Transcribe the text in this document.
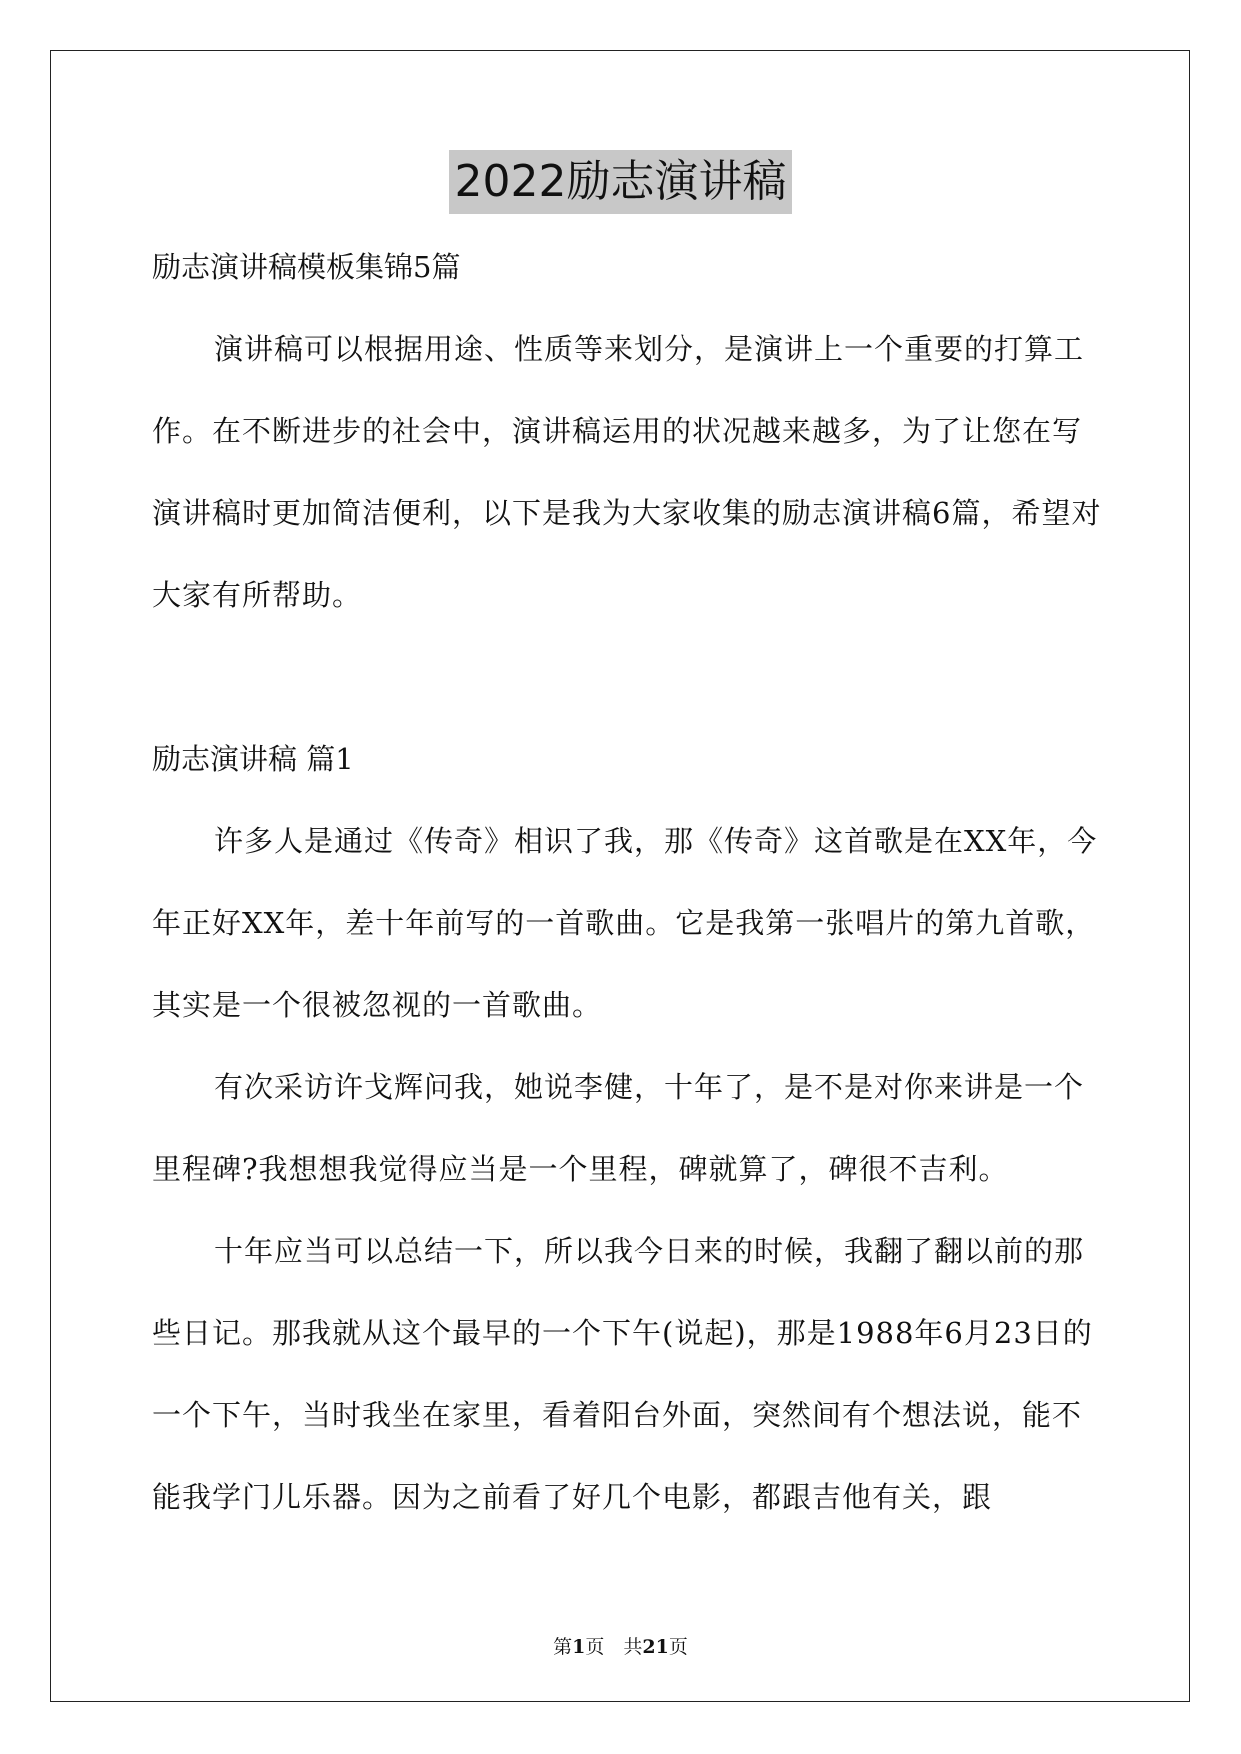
2022励志演讲稿

励志演讲稿模板集锦5篇

演讲稿可以根据用途、性质等来划分，是演讲上一个重要的打算工作。在不断进步的社会中，演讲稿运用的状况越来越多，为了让您在写演讲稿时更加简洁便利，以下是我为大家收集的励志演讲稿6篇，希望对大家有所帮助。

励志演讲稿 篇1

许多人是通过《传奇》相识了我，那《传奇》这首歌是在XX年，今年正好XX年，差十年前写的一首歌曲。它是我第一张唱片的第九首歌，其实是一个很被忽视的一首歌曲。

有次采访许戈辉问我，她说李健，十年了，是不是对你来讲是一个里程碑?我想想我觉得应当是一个里程，碑就算了，碑很不吉利。

十年应当可以总结一下，所以我今日来的时候，我翻了翻以前的那些日记。那我就从这个最早的一个下午(说起)，那是1988年6月23日的一个下午，当时我坐在家里，看着阳台外面，突然间有个想法说，能不能我学门儿乐器。因为之前看了好几个电影，都跟吉他有关，跟

第1页　共21页
